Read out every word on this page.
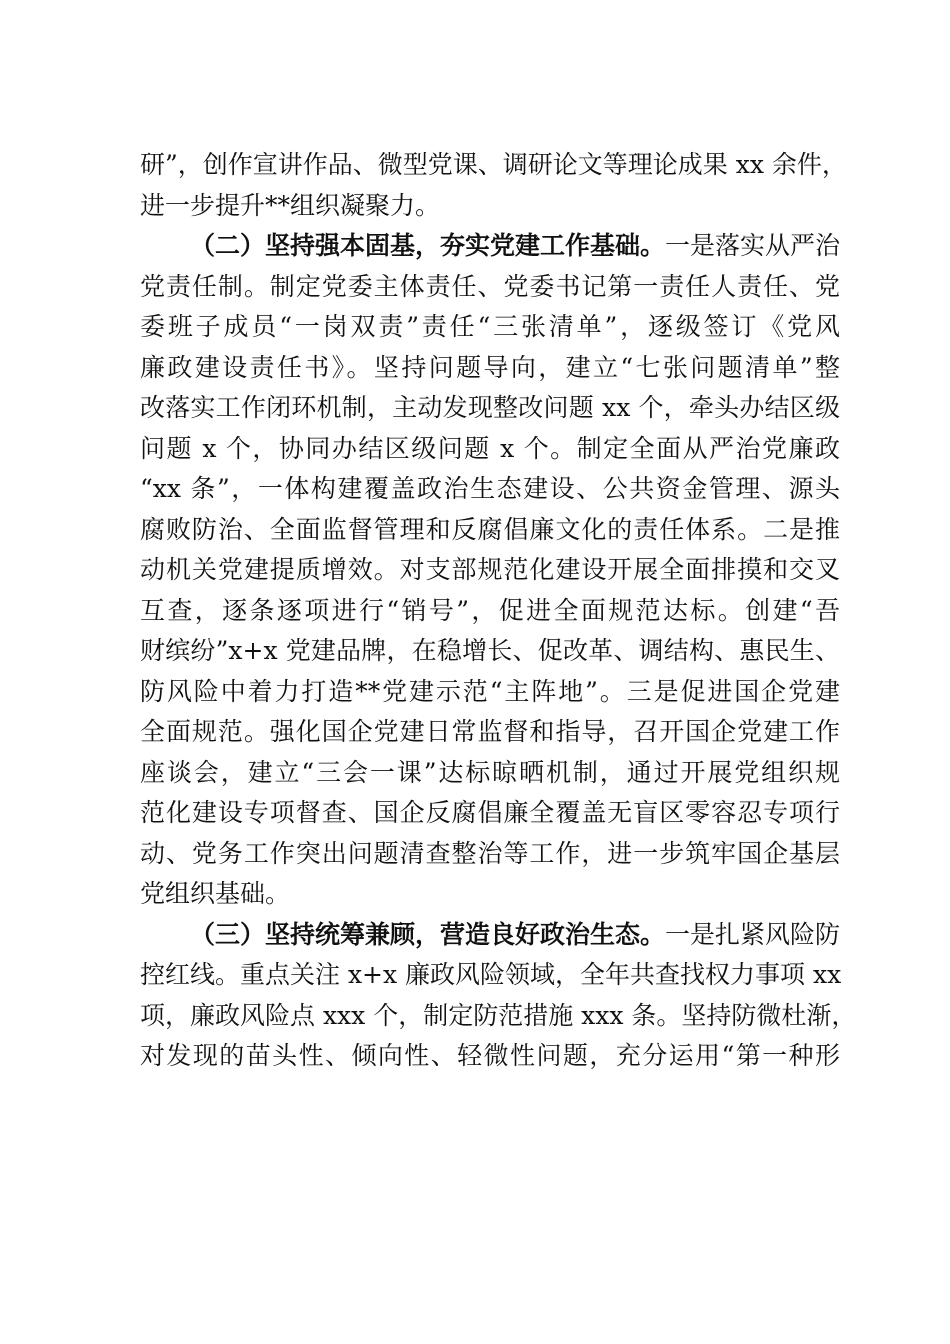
研”，创作宣讲作品、微型党课、调研论文等理论成果 xx 余件，
进一步提升**组织凝聚力。
（二）坚持强本固基，夯实党建工作基础。一是落实从严治
党责任制。制定党委主体责任、党委书记第一责任人责任、党
委班子成员“一岗双责”责任“三张清单”，逐级签订《党风
廉政建设责任书》。坚持问题导向，建立“七张问题清单”整
改落实工作闭环机制，主动发现整改问题 xx 个，牵头办结区级
问题 x 个，协同办结区级问题 x 个。制定全面从严治党廉政
“xx 条”，一体构建覆盖政治生态建设、公共资金管理、源头
腐败防治、全面监督管理和反腐倡廉文化的责任体系。二是推
动机关党建提质增效。对支部规范化建设开展全面排摸和交叉
互查，逐条逐项进行“销号”，促进全面规范达标。创建“吾
财缤纷”x+x 党建品牌，在稳增长、促改革、调结构、惠民生、
防风险中着力打造**党建示范“主阵地”。三是促进国企党建
全面规范。强化国企党建日常监督和指导，召开国企党建工作
座谈会，建立“三会一课”达标晾晒机制，通过开展党组织规
范化建设专项督查、国企反腐倡廉全覆盖无盲区零容忍专项行
动、党务工作突出问题清查整治等工作，进一步筑牢国企基层
党组织基础。
（三）坚持统筹兼顾，营造良好政治生态。一是扎紧风险防
控红线。重点关注 x+x 廉政风险领域，全年共查找权力事项 xx
项，廉政风险点 xxx 个，制定防范措施 xxx 条。坚持防微杜渐，
对发现的苗头性、倾向性、轻微性问题，充分运用“第一种形
